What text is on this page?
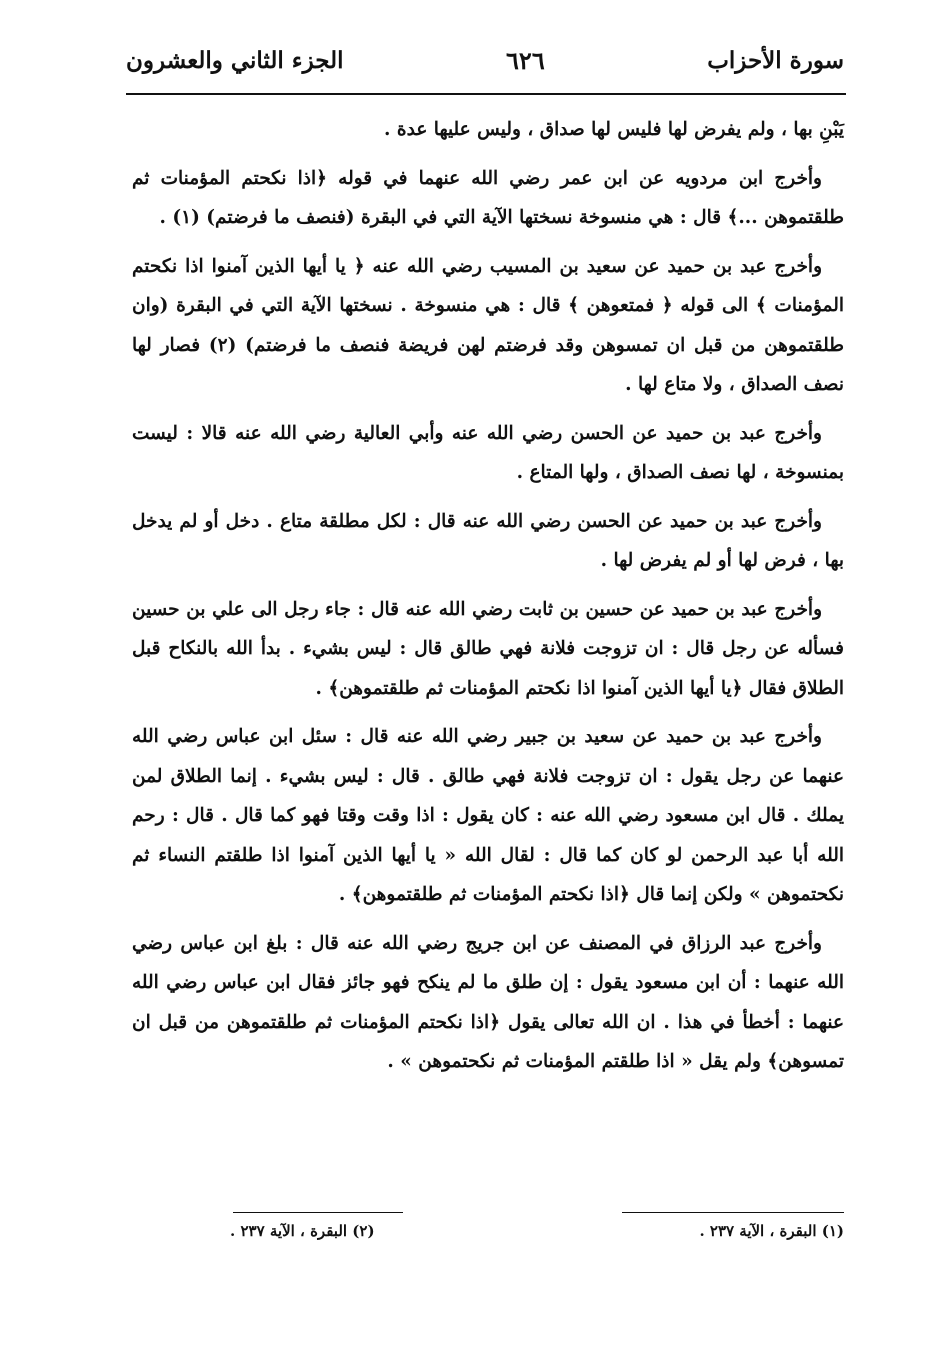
الجزء الثاني والعشرون	٦٢٦	سورة الأحزاب

يَبْنِ بها ، ولم يفرض لها فليس لها صداق ، وليس عليها عدة .

وأخرج ابن مردويه عن ابن عمر رضي الله عنهما في قوله ﴿اذا نكحتم المؤمنات ثم طلقتموهن ...﴾ قال : هي منسوخة نسختها الآية التي في البقرة (فنصف ما فرضتم) (١) .

وأخرج عبد بن حميد عن سعيد بن المسيب رضي الله عنه ﴿ يا أيها الذين آمنوا اذا نكحتم المؤمنات ﴾ الى قوله ﴿ فمتعوهن ﴾ قال : هي منسوخة . نسختها الآية التي في البقرة (وان طلقتموهن من قبل ان تمسوهن وقد فرضتم لهن فريضة فنصف ما فرضتم) (٢) فصار لها نصف الصداق ، ولا متاع لها .

وأخرج عبد بن حميد عن الحسن رضي الله عنه وأبي العالية رضي الله عنه قالا : ليست بمنسوخة ، لها نصف الصداق ، ولها المتاع .

وأخرج عبد بن حميد عن الحسن رضي الله عنه قال : لكل مطلقة متاع . دخل أو لم يدخل بها ، فرض لها أو لم يفرض لها .

وأخرج عبد بن حميد عن حسين بن ثابت رضي الله عنه قال : جاء رجل الى علي بن حسين فسأله عن رجل قال : ان تزوجت فلانة فهي طالق قال : ليس بشيء . بدأ الله بالنكاح قبل الطلاق فقال ﴿يا أيها الذين آمنوا اذا نكحتم المؤمنات ثم طلقتموهن﴾ .

وأخرج عبد بن حميد عن سعيد بن جبير رضي الله عنه قال : سئل ابن عباس رضي الله عنهما عن رجل يقول : ان تزوجت فلانة فهي طالق . قال : ليس بشيء . إنما الطلاق لمن يملك . قال ابن مسعود رضي الله عنه : كان يقول : اذا وقت وقتا فهو كما قال . قال : رحم الله أبا عبد الرحمن لو كان كما قال : لقال الله « يا أيها الذين آمنوا اذا طلقتم النساء ثم نكحتموهن » ولكن إنما قال ﴿اذا نكحتم المؤمنات ثم طلقتموهن﴾ .

وأخرج عبد الرزاق في المصنف عن ابن جريج رضي الله عنه قال : بلغ ابن عباس رضي الله عنهما : أن ابن مسعود يقول : إن طلق ما لم ينكح فهو جائز فقال ابن عباس رضي الله عنهما : أخطأ في هذا . ان الله تعالى يقول ﴿اذا نكحتم المؤمنات ثم طلقتموهن من قبل ان تمسوهن﴾ ولم يقل « اذا طلقتم المؤمنات ثم نكحتموهن » .

(١) البقرة ، الآية ٢٣٧ .
(٢) البقرة ، الآية ٢٣٧ .
